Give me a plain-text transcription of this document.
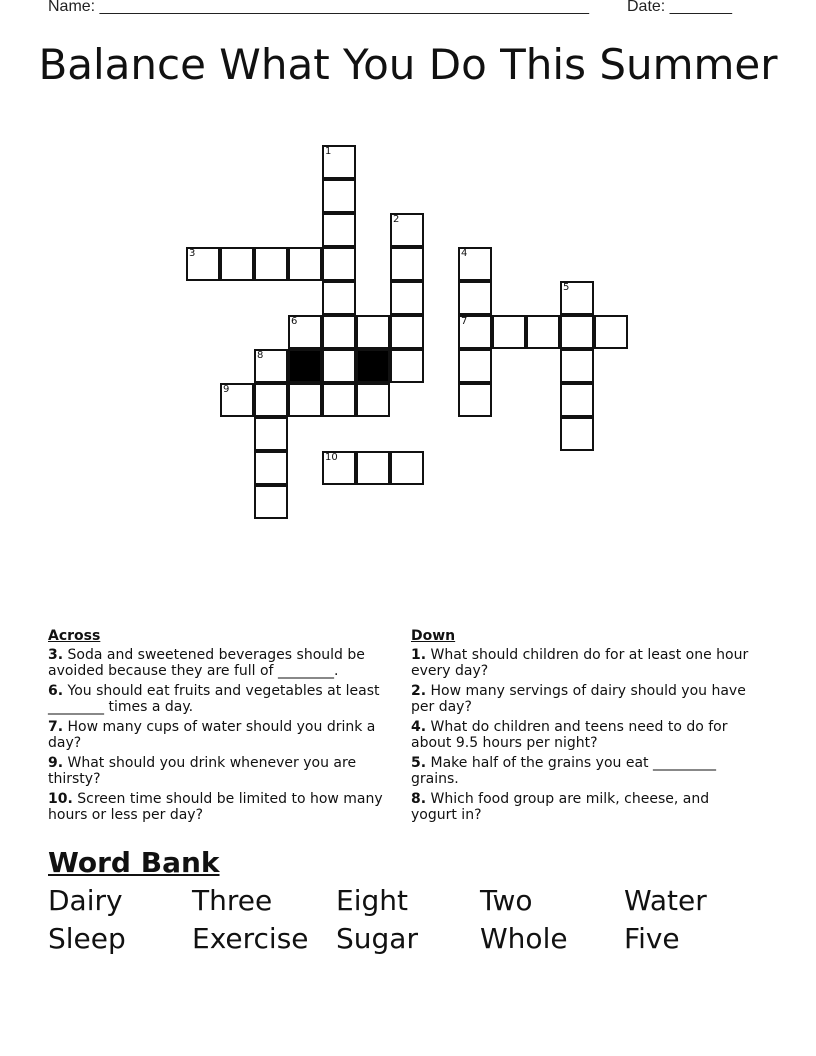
Name: _______________________________________________________ Date: _______
Balance What You Do This Summer
1
2
3	4
5
6	7
8
9
10
Across
3. Soda and sweetened beverages should be avoided because they are full of ________.
6. You should eat fruits and vegetables at least ________ times a day.
7. How many cups of water should you drink a day?
9. What should you drink whenever you are thirsty?
10. Screen time should be limited to how many hours or less per day?
Down
1. What should children do for at least one hour every day?
2. How many servings of dairy should you have per day?
4. What do children and teens need to do for about 9.5 hours per night?
5. Make half of the grains you eat _________ grains.
8. Which food group are milk, cheese, and yogurt in?
Word Bank
Dairy Three Eight	Two	Water
Sleep Exercise Sugar Whole Five
